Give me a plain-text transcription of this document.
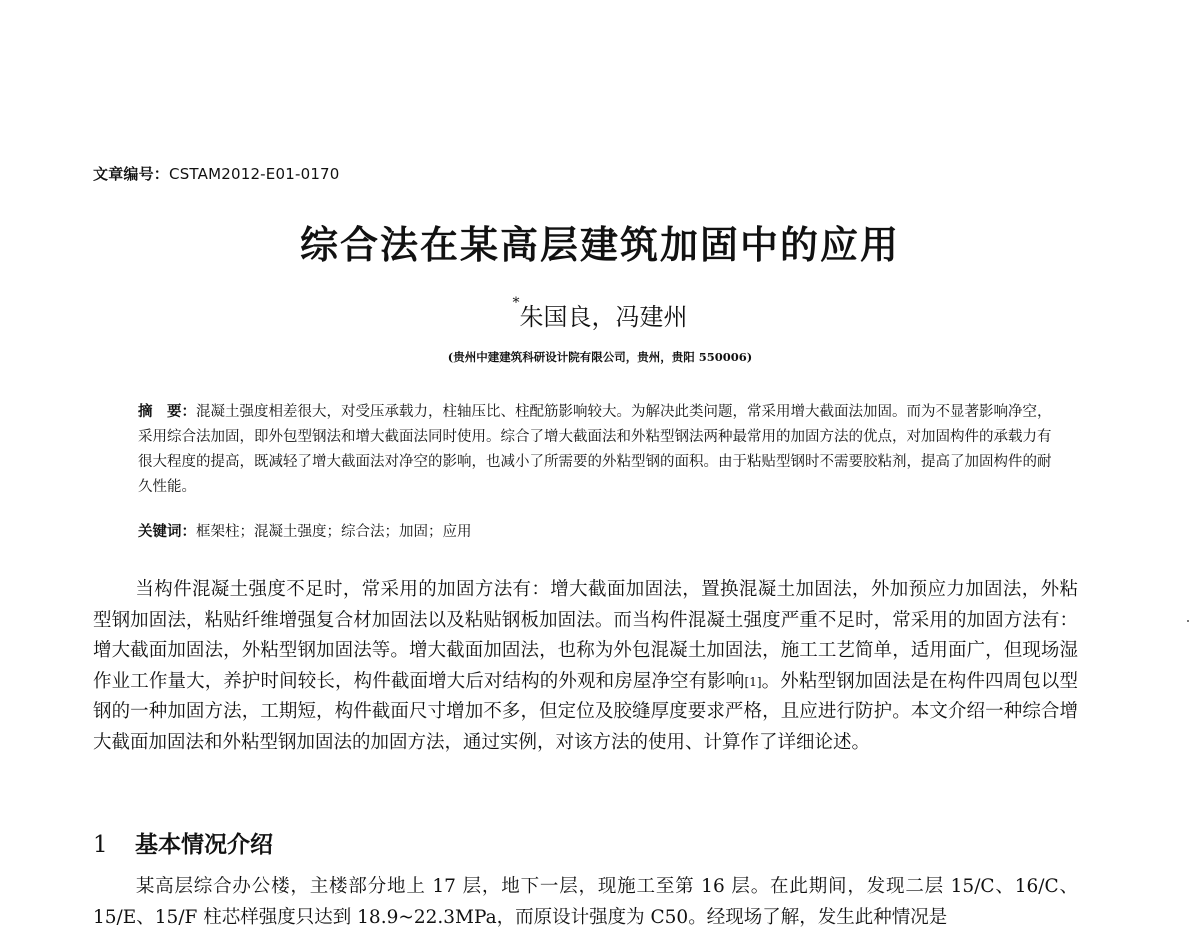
文章编号：CSTAM2012-E01-0170
综合法在某高层建筑加固中的应用
*朱国良，冯建州
(贵州中建建筑科研设计院有限公司，贵州，贵阳 550006)
摘　要：混凝土强度相差很大，对受压承载力，柱轴压比、柱配筋影响较大。为解决此类问题，常采用增大截面法加固。而为不显著影响净空，采用综合法加固，即外包型钢法和增大截面法同时使用。综合了增大截面法和外粘型钢法两种最常用的加固方法的优点，对加固构件的承载力有很大程度的提高，既减轻了增大截面法对净空的影响，也减小了所需要的外粘型钢的面积。由于粘贴型钢时不需要胶粘剂，提高了加固构件的耐久性能。
关键词：框架柱；混凝土强度；综合法；加固；应用
当构件混凝土强度不足时，常采用的加固方法有：增大截面加固法，置换混凝土加固法，外加预应力加固法，外粘型钢加固法，粘贴纤维增强复合材加固法以及粘贴钢板加固法。而当构件混凝土强度严重不足时，常采用的加固方法有：增大截面加固法，外粘型钢加固法等。增大截面加固法，也称为外包混凝土加固法，施工工艺简单，适用面广，但现场湿作业工作量大，养护时间较长，构件截面增大后对结构的外观和房屋净空有影响[1]。外粘型钢加固法是在构件四周包以型钢的一种加固方法，工期短，构件截面尺寸增加不多，但定位及胶缝厚度要求严格，且应进行防护。本文介绍一种综合增大截面加固法和外粘型钢加固法的加固方法，通过实例，对该方法的使用、计算作了详细论述。
1 基本情况介绍
某高层综合办公楼，主楼部分地上 17 层，地下一层，现施工至第 16 层。在此期间，发现二层 15/C、16/C、15/E、15/F 柱芯样强度只达到 18.9~22.3MPa，而原设计强度为 C50。经现场了解，发生此种情况是
